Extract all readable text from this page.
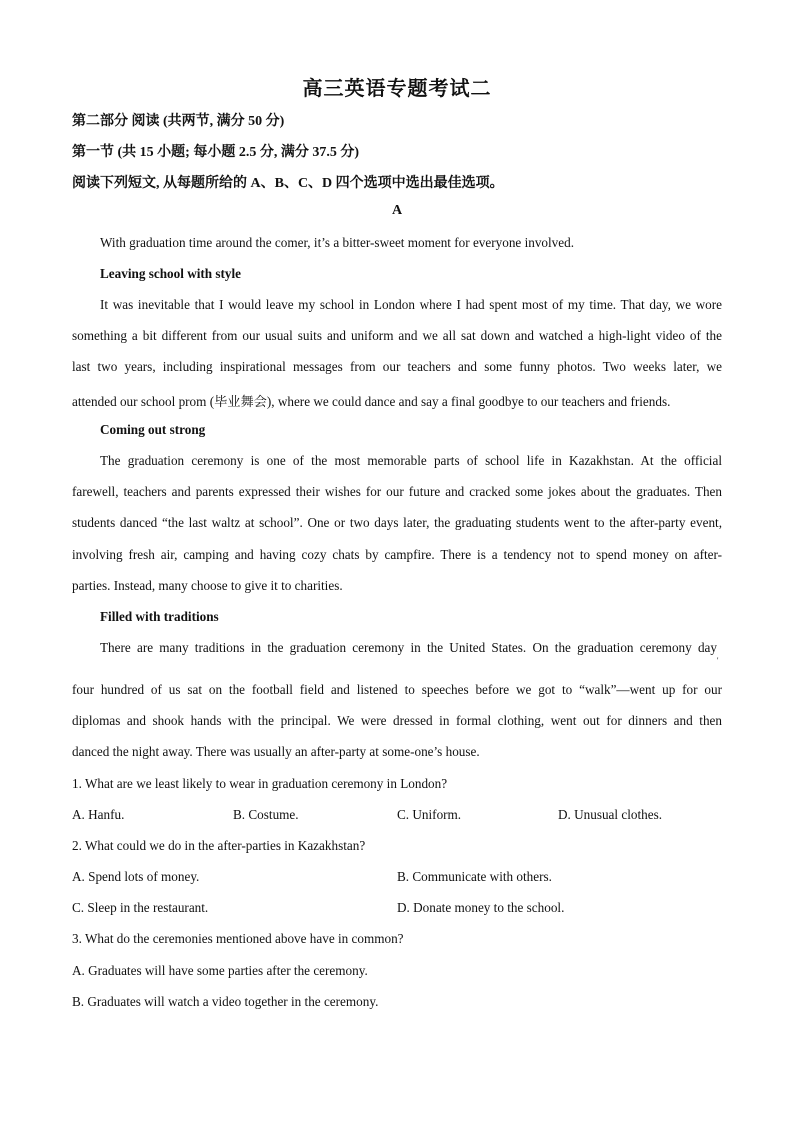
高三英语专题考试二
第二部分 阅读 (共两节, 满分 50 分)
第一节 (共 15 小题; 每小题 2.5 分, 满分 37.5 分)
阅读下列短文, 从每题所给的 A、B、C、D 四个选项中选出最佳选项。
A
With graduation time around the comer, it’s a bitter-sweet moment for everyone involved.
Leaving school with style
It was inevitable that I would leave my school in London where I had spent most of my time. That day, we wore
something a bit different from our usual suits and uniform and we all sat down and watched a high-light video of the
last two years, including inspirational messages from our teachers and some funny photos. Two weeks later, we
attended our school prom (毕业舞会), where we could dance and say a final goodbye to our teachers and friends.
Coming out strong
The graduation ceremony is one of the most memorable parts of school life in Kazakhstan. At the official
farewell, teachers and parents expressed their wishes for our future and cracked some jokes about the graduates. Then
students danced “the last waltz at school”. One or two days later, the graduating students went to the after-party event,
involving fresh air, camping and having cozy chats by campfire. There is a tendency not to spend money on after-
parties. Instead, many choose to give it to charities.
Filled with traditions
There are many traditions in the graduation ceremony in the United States. On the graduation ceremony day
'
four hundred of us sat on the football field and listened to speeches before we got to “walk”—went up for our
diplomas and shook hands with the principal. We were dressed in formal clothing, went out for dinners and then
danced the night away. There was usually an after-party at some-one’s house.
1. What are we least likely to wear in graduation ceremony in London?
A. Hanfu.	B. Costume.	C. Uniform.	D. Unusual clothes.
2. What could we do in the after-parties in Kazakhstan?
A. Spend lots of money.	B. Communicate with others.
C. Sleep in the restaurant.	D. Donate money to the school.
3. What do the ceremonies mentioned above have in common?
A. Graduates will have some parties after the ceremony.
B. Graduates will watch a video together in the ceremony.
